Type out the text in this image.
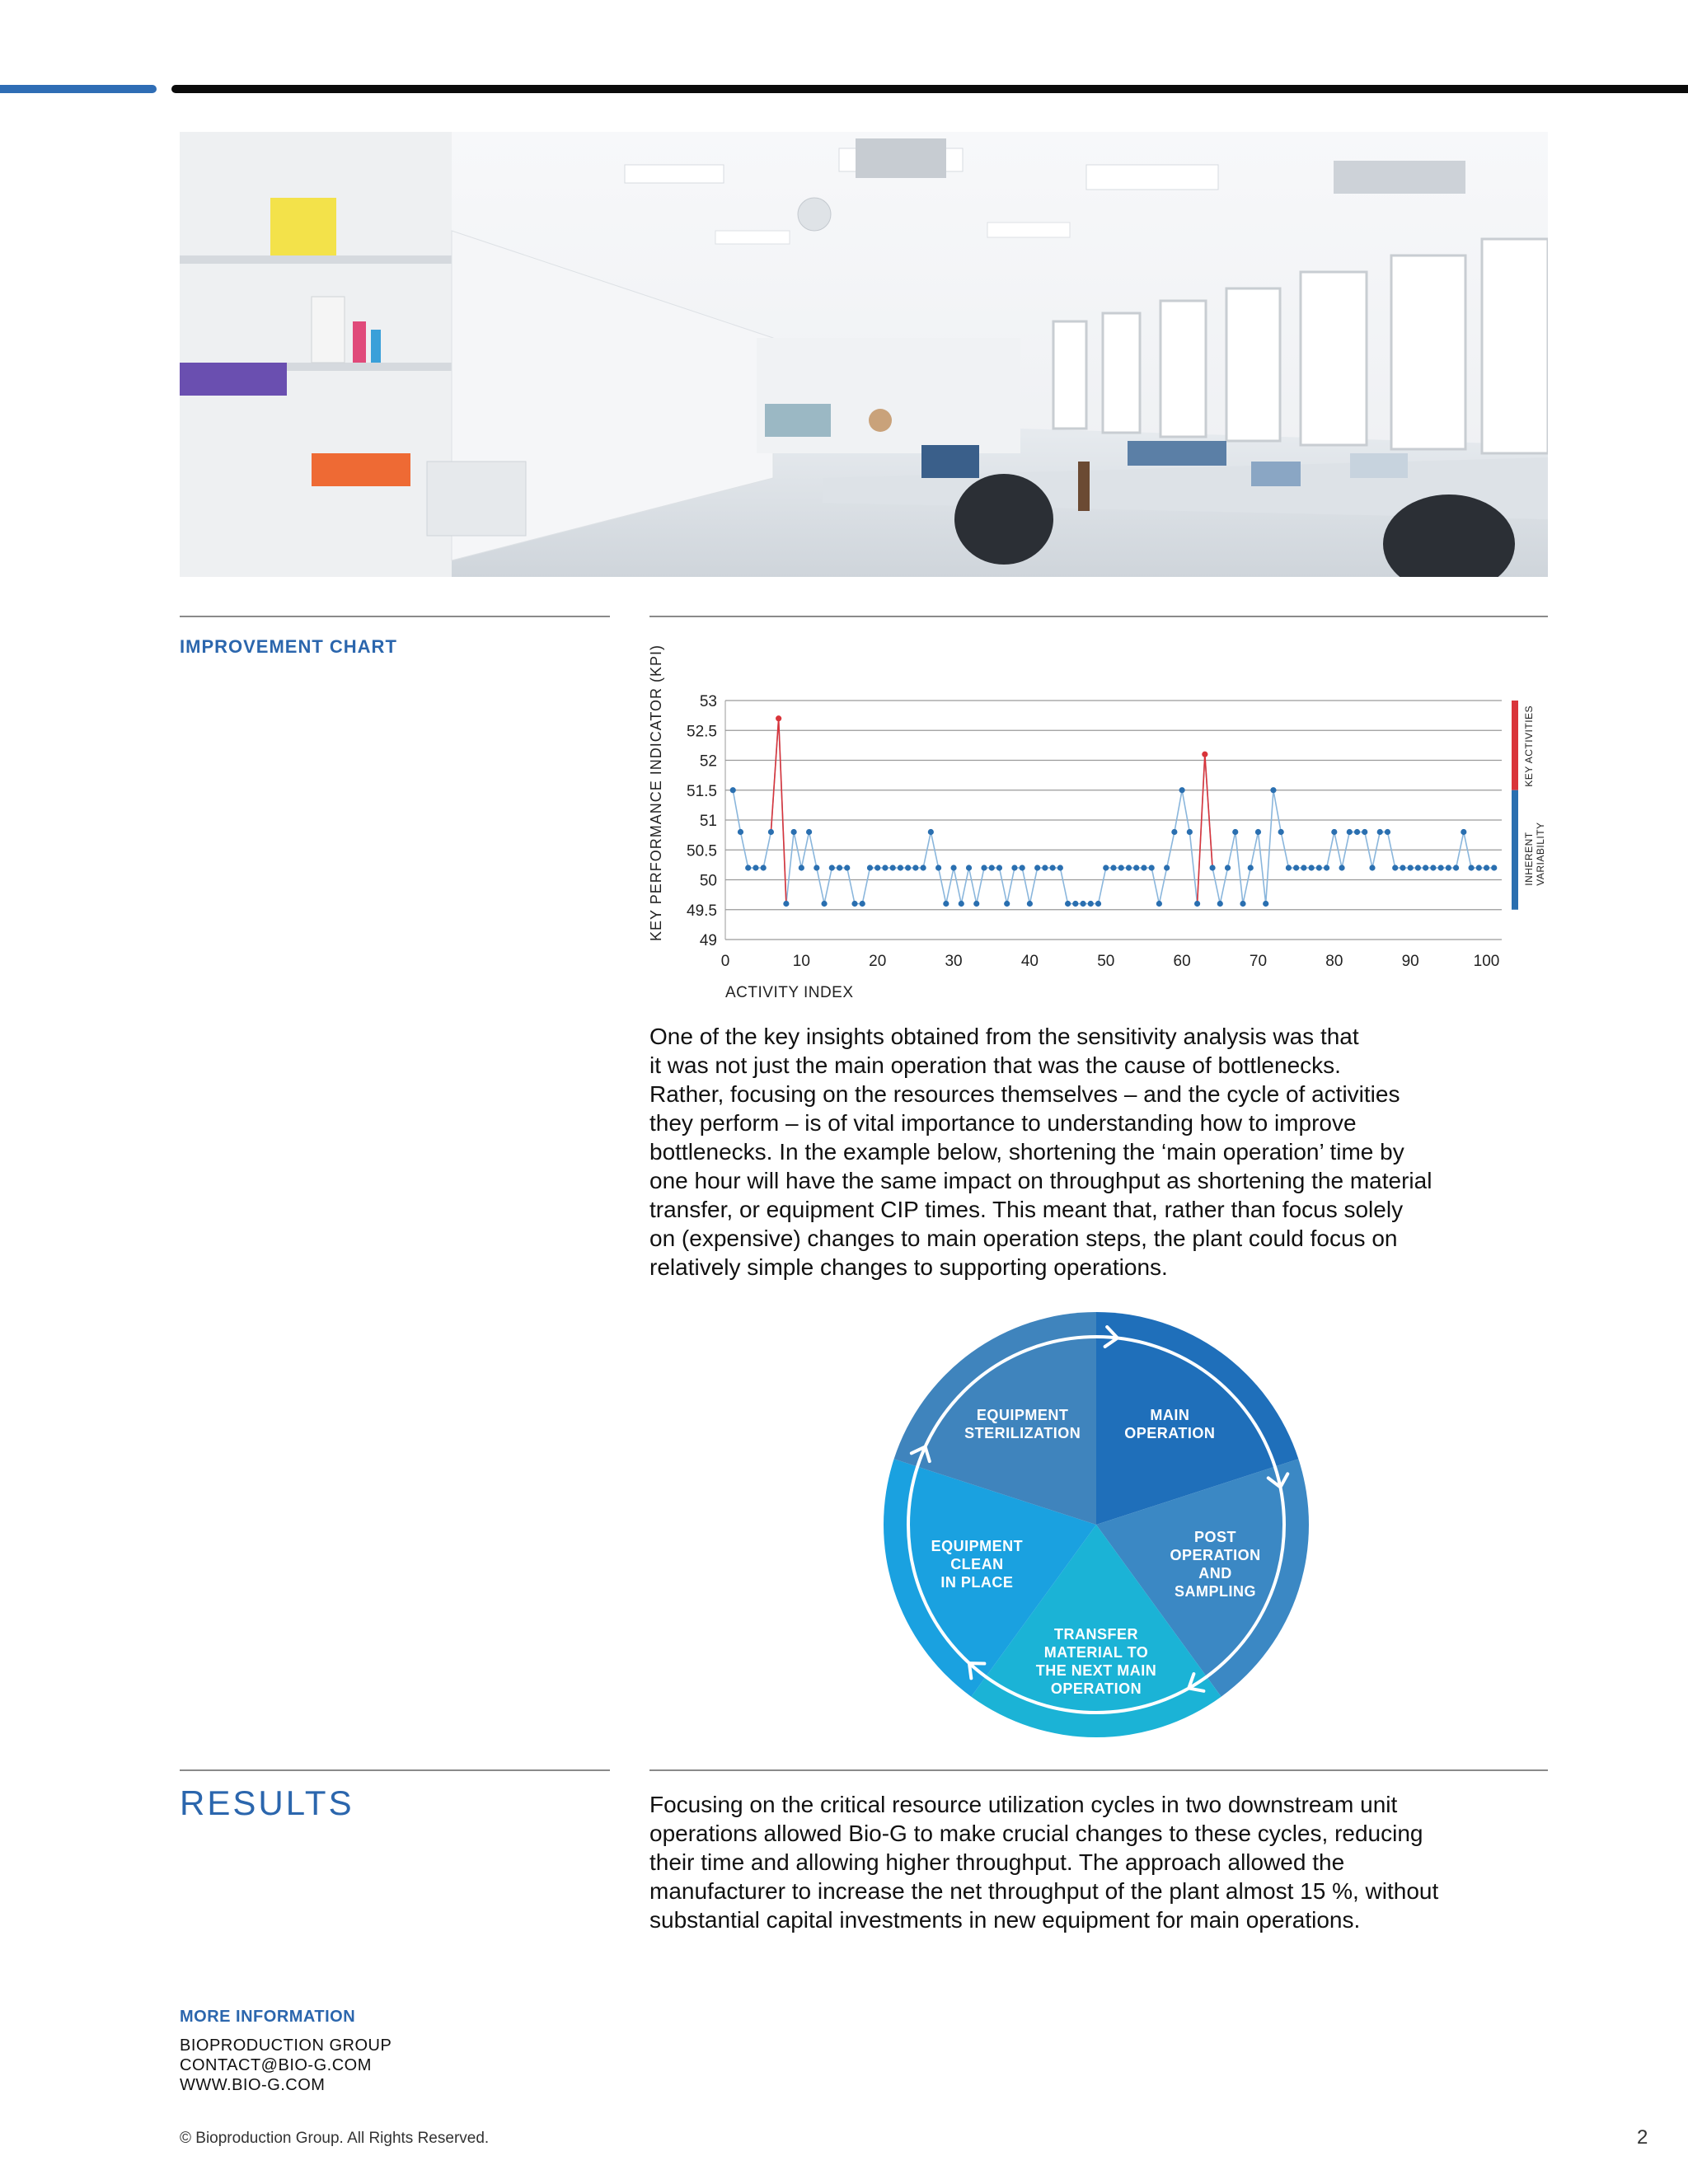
IMPROVEMENT CHART
53
52.5
52
51.5
51
50.5
50
49.5
49
0	10	20	30	40	50	60	70	80	90	100
KEY ACTIVITIES
INHERENT VARIABILITY
KEY PERFORMANCE INDICATOR (KPI)
ACTIVITY INDEX
One of the key insights obtained from the sensitivity analysis was that
it was not just the main operation that was the cause of bottlenecks.
Rather, focusing on the resources themselves – and the cycle of activities
they perform – is of vital importance to understanding how to improve
bottlenecks. In the example below, shortening the ‘main operation’ time by
one hour will have the same impact on throughput as shortening the material
transfer, or equipment CIP times. This meant that, rather than focus solely
on (expensive) changes to main operation steps, the plant could focus on
relatively simple changes to supporting operations.
MAIN
OPERATION
POST
OPERATION
AND
SAMPLING
TRANSFER
MATERIAL TO
THE NEXT MAIN
OPERATION
EQUIPMENT
CLEAN
IN PLACE
EQUIPMENT
STERILIZATION
RESULTS	Focusing on the critical resource utilization cycles in two downstream unit
operations allowed Bio-G to make crucial changes to these cycles, reducing
their time and allowing higher throughput. The approach allowed the
manufacturer to increase the net throughput of the plant almost 15 %, without
substantial capital investments in new equipment for main operations.
MORE INFORMATION
BIOPRODUCTION GROUP
CONTACT@BIO-G.COM
WWW.BIO-G.COM
© Bioproduction Group. All Rights Reserved.	2
